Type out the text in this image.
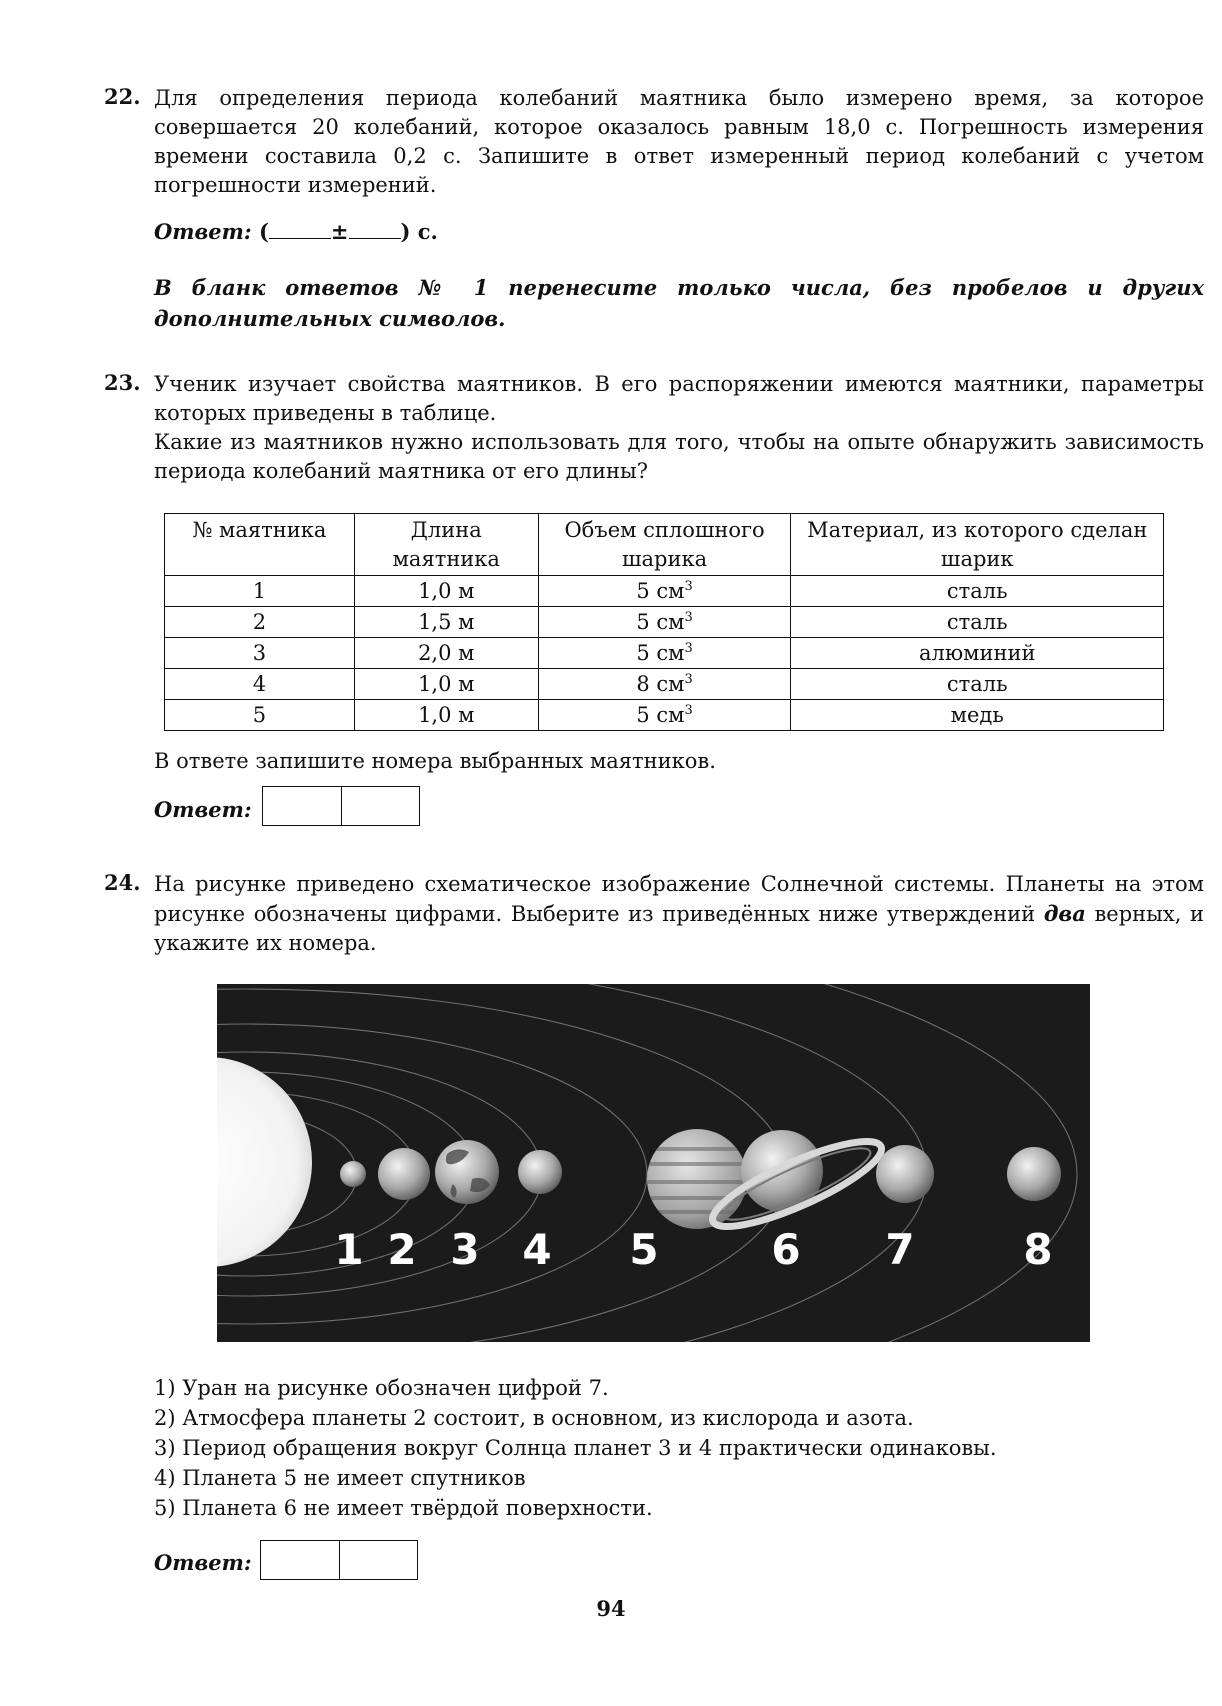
22. Для определения периода колебаний маятника было измерено время, за которое совершается 20 колебаний, которое оказалось равным 18,0 с. Погрешность измерения времени составила 0,2 с. Запишите в ответ измеренный период колебаний с учетом погрешности измерений.
Ответ: (	± ) с.
В бланк ответов № 1 перенесите только числа, без пробелов и других дополнительных символов.
23. Ученик изучает свойства маятников. В его распоряжении имеются маятники, параметры которых приведены в таблице.
Какие из маятников нужно использовать для того, чтобы на опыте обнаружить зависимость периода колебаний маятника от его длины?
№ маятника	Длина маятника	Объем сплошного шарика	Материал, из которого сделан шарик
1	1,0 м	5 $см^3$	сталь
2	1,5 м	5 $см^3$	сталь
3	2,0 м	5 $см^3$	алюминий
4	1,0 м	8 $см^3$	сталь
5	1,0 м	5 $см^3$	медь
В ответе запишите номера выбранных маятников.
Ответ:
24. На рисунке приведено схематическое изображение Солнечной системы. Планеты на этом рисунке обозначены цифрами. Выберите из приведённых ниже утверждений два верных, и укажите их номера.
1 2 3 4 5	6 7	8
1) Уран на рисунке обозначен цифрой 7.
2) Атмосфера планеты 2 состоит, в основном, из кислорода и азота.
3) Период обращения вокруг Солнца планет 3 и 4 практически одинаковы.
4) Планета 5 не имеет спутников
5) Планета 6 не имеет твёрдой поверхности.
Ответ:
94
